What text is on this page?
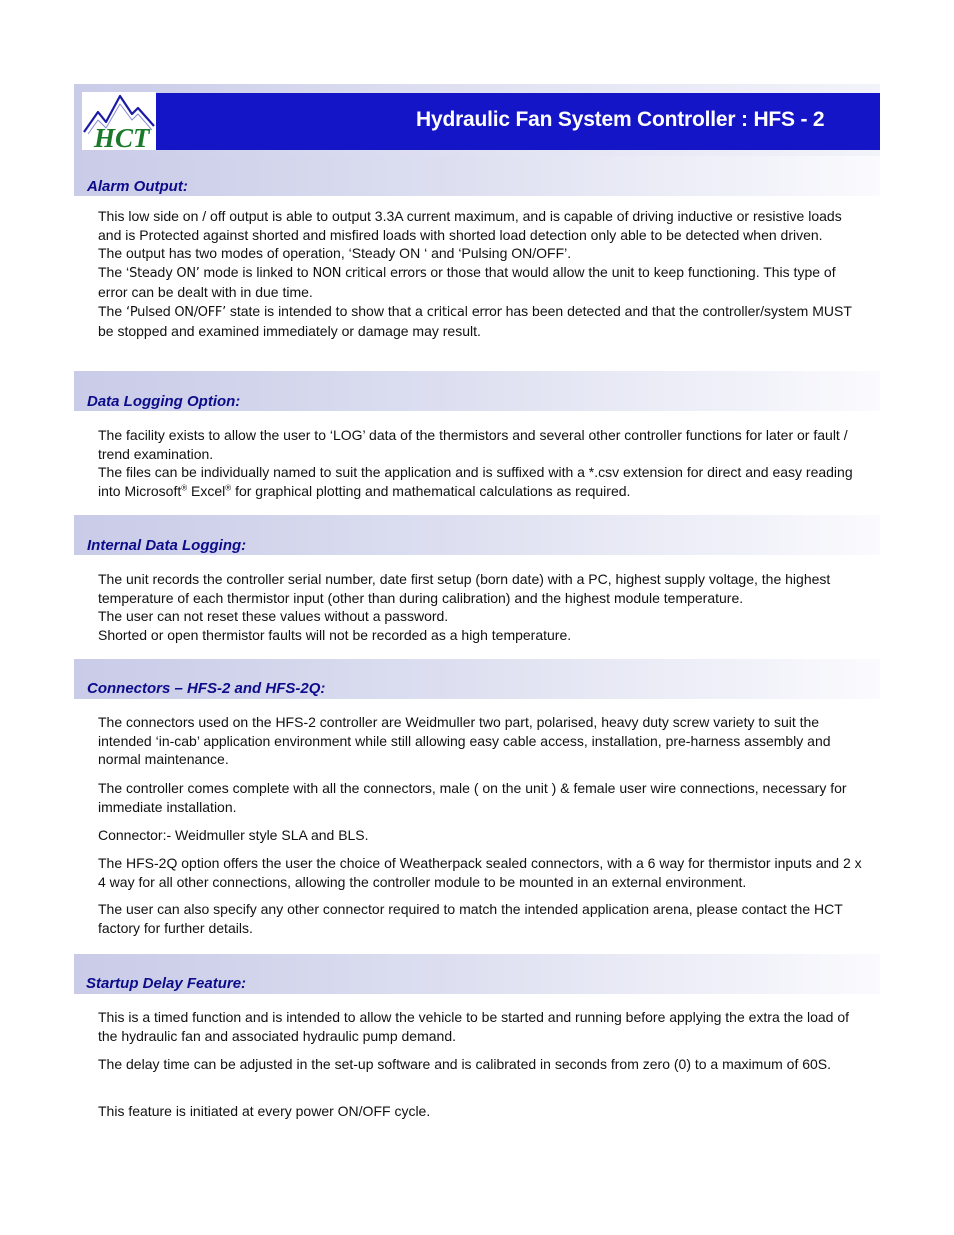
HCT
Hydraulic Fan System Controller : HFS - 2
Alarm Output:
This low side on / off output is able to output 3.3A current maximum, and is capable of driving inductive or resistive loads and is Protected against shorted and misfired loads with shorted load detection only able to be detected when driven.
The output has two modes of operation, ‘Steady ON ‘ and ‘Pulsing ON/OFF’.
The ‘Steady ON’ mode is linked to NON critical errors or those that would allow the unit to keep functioning. This type of error can be dealt with in due time.
The ‘Pulsed ON/OFF’ state is intended to show that a critical error has been detected and that the controller/system MUST be stopped and examined immediately or damage may result.
Data Logging Option:
The facility exists to allow the user to ‘LOG’ data of the thermistors and several other controller functions for later or fault / trend examination.
The files can be individually named to suit the application and is suffixed with a *.csv extension for direct and easy reading into Microsoft® Excel® for graphical plotting and mathematical calculations as required.
Internal Data Logging:
The unit records the controller serial number, date first setup (born date) with a PC, highest supply voltage, the highest temperature of each thermistor input (other than during calibration) and the highest module temperature.
The user can not reset these values without a password.
Shorted or open thermistor faults will not be recorded as a high temperature.
Connectors – HFS-2 and HFS-2Q:
The connectors used on the HFS-2 controller are Weidmuller two part, polarised, heavy duty screw variety to suit the intended ‘in-cab’ application environment while still allowing easy cable access, installation, pre-harness assembly and normal maintenance.
The controller comes complete with all the connectors, male ( on the unit ) & female user wire connections, necessary for immediate installation.
Connector:- Weidmuller style SLA and BLS.
The HFS-2Q option offers the user the choice of Weatherpack sealed connectors, with a 6 way for thermistor inputs and 2 x 4 way for all other connections, allowing the controller module to be mounted in an external environment.
The user can also specify any other connector required to match the intended application arena, please contact the HCT factory for further details.
Startup Delay Feature:
This is a timed function and is intended to allow the vehicle to be started and running before applying the extra the load of the hydraulic fan and associated hydraulic pump demand.
The delay time can be adjusted in the set-up software and is calibrated in seconds from zero (0) to a maximum of 60S.
This feature is initiated at every power ON/OFF cycle.
